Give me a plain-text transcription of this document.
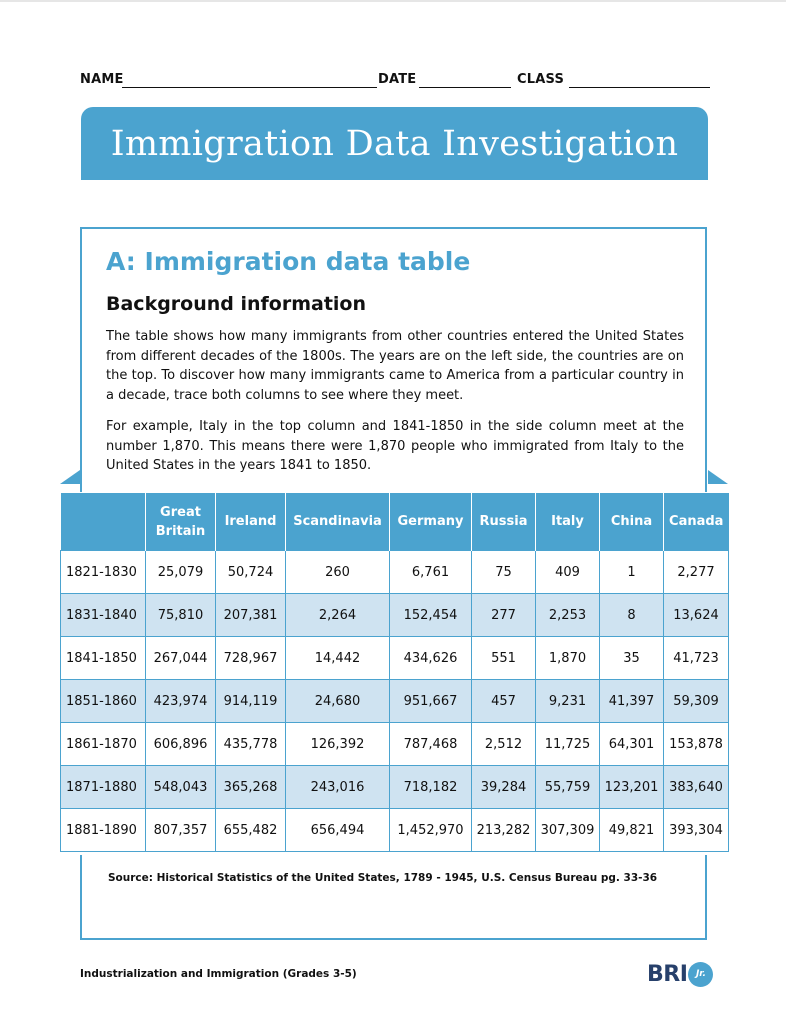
NAME	DATE	CLASS
Immigration Data Investigation
A: Immigration data table
Background information
The table shows how many immigrants from other countries entered the United States from different decades of the 1800s. The years are on the left side, the countries are on the top. To discover how many immigrants came to America from a particular country in a decade, trace both columns to see where they meet.
For example, Italy in the top column and 1841-1850 in the side column meet at the number 1,870. This means there were 1,870 people who immigrated from Italy to the United States in the years 1841 to 1850.
	Great Britain	Ireland	Scandinavia	Germany	Russia	Italy	China	Canada
1821-1830	25,079	50,724	260	6,761	75	409	1	2,277
1831-1840	75,810	207,381	2,264	152,454	277	2,253	8	13,624
1841-1850	267,044	728,967	14,442	434,626	551	1,870	35	41,723
1851-1860	423,974	914,119	24,680	951,667	457	9,231	41,397	59,309
1861-1870	606,896	435,778	126,392	787,468	2,512	11,725	64,301	153,878
1871-1880	548,043	365,268	243,016	718,182	39,284	55,759	123,201	383,640
1881-1890	807,357	655,482	656,494	1,452,970	213,282	307,309	49,821	393,304
Source: Historical Statistics of the United States, 1789 - 1945, U.S. Census Bureau pg. 33-36
Industrialization and Immigration (Grades 3-5)	BRI Jr.
